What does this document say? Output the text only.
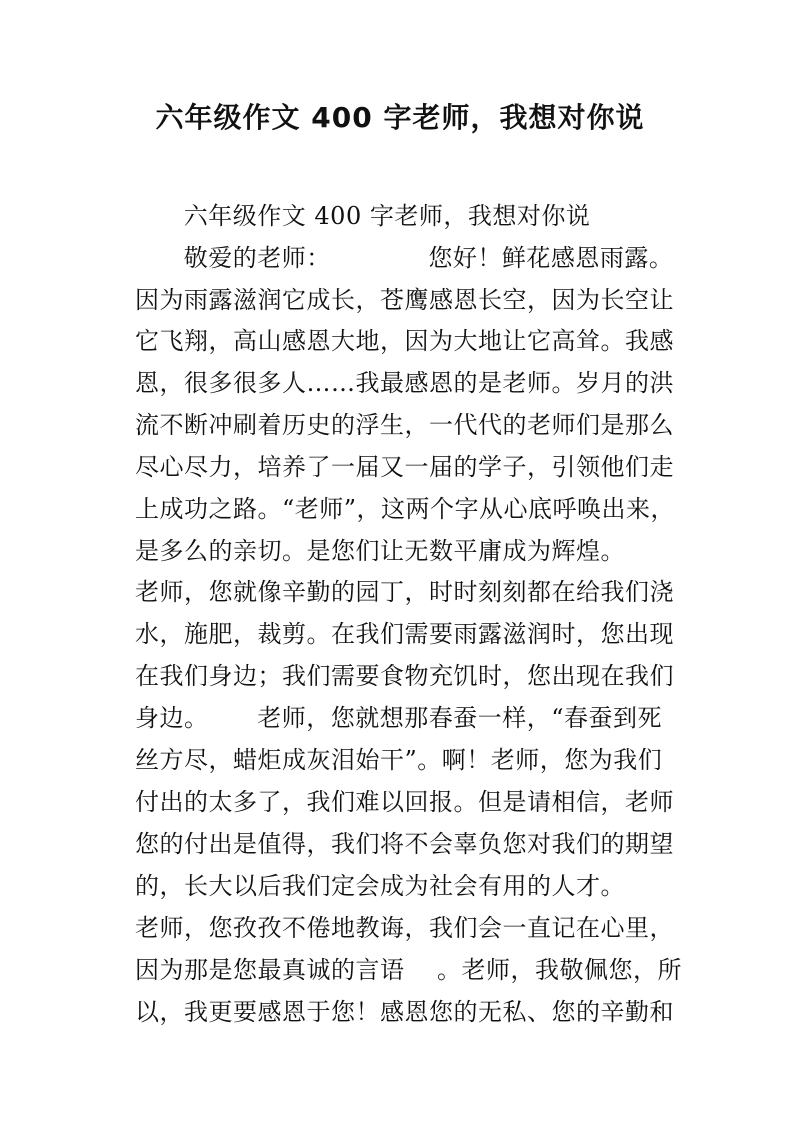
六年级作文 400 字老师，我想对你说

六年级作文 400 字老师，我想对你说

敬爱的老师：            您好！鲜花感恩雨露。

因为雨露滋润它成长，苍鹰感恩长空，因为长空让

它飞翔，高山感恩大地，因为大地让它高耸。我感

恩，很多很多人……我最感恩的是老师。岁月的洪

流不断冲刷着历史的浮生，一代代的老师们是那么

尽心尽力，培养了一届又一届的学子，引领他们走

上成功之路。“老师”，这两个字从心底呼唤出来，

是多么的亲切。是您们让无数平庸成为辉煌。

老师，您就像辛勤的园丁，时时刻刻都在给我们浇

水，施肥，裁剪。在我们需要雨露滋润时，您出现

在我们身边；我们需要食物充饥时，您出现在我们

身边。      老师，您就想那春蚕一样，“春蚕到死

丝方尽，蜡炬成灰泪始干”。啊！老师，您为我们

付出的太多了，我们难以回报。但是请相信，老师

您的付出是值得，我们将不会辜负您对我们的期望

的，长大以后我们定会成为社会有用的人才。

老师，您孜孜不倦地教诲，我们会一直记在心里，

因为那是您最真诚的言语    。老师，我敬佩您，所

以，我更要感恩于您！感恩您的无私、您的辛勤和
